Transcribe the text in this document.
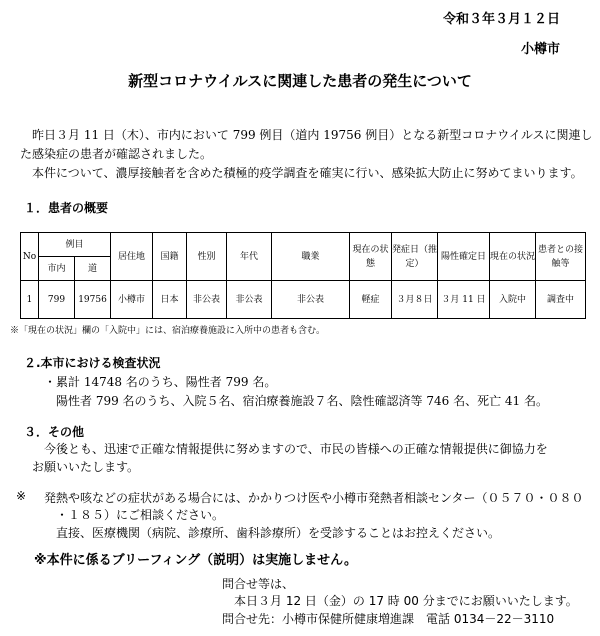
令和３年３月１２日
小樽市
新型コロナウイルスに関連した患者の発生について
昨日３月 11 日（木）、市内において 799 例目（道内 19756 例目）となる新型コロナウイルスに関連し
た感染症の患者が確認されました。
本件について、濃厚接触者を含めた積極的疫学調査を確実に行い、感染拡大防止に努めてまいります。
１．患者の概要
No	例目		居住地	国籍	性別	年代	職業	現在の状態	発症日（推定）	陽性確定日	現在の状況	患者との接触等
	市内	道										
1	799	19756	小樽市	日本	非公表	非公表	非公表	軽症	３月８日	３月 11 日	入院中	調査中
※「現在の状況」欄の「入院中」には、宿泊療養施設に入所中の患者も含む。
２.本市における検査状況
・累計 14748 名のうち、陽性者 799 名。
陽性者 799 名のうち、入院５名、宿泊療養施設７名、陰性確認済等 746 名、死亡 41 名。
３．その他
今後とも、迅速で正確な情報提供に努めますので、市民の皆様への正確な情報提供に御協力を
お願いいたします。
※ 発熱や咳などの症状がある場合には、かかりつけ医や小樽市発熱者相談センター（０５７０・０８０
・１８５）にご相談ください。
直接、医療機関（病院、診療所、歯科診療所）を受診することはお控えください。
※本件に係るブリーフィング（説明）は実施しません。
問合せ等は、
本日３月 12 日（金）の 17 時 00 分までにお願いいたします。
問合せ先：小樽市保健所健康増進課　電話 0134－22－3110
